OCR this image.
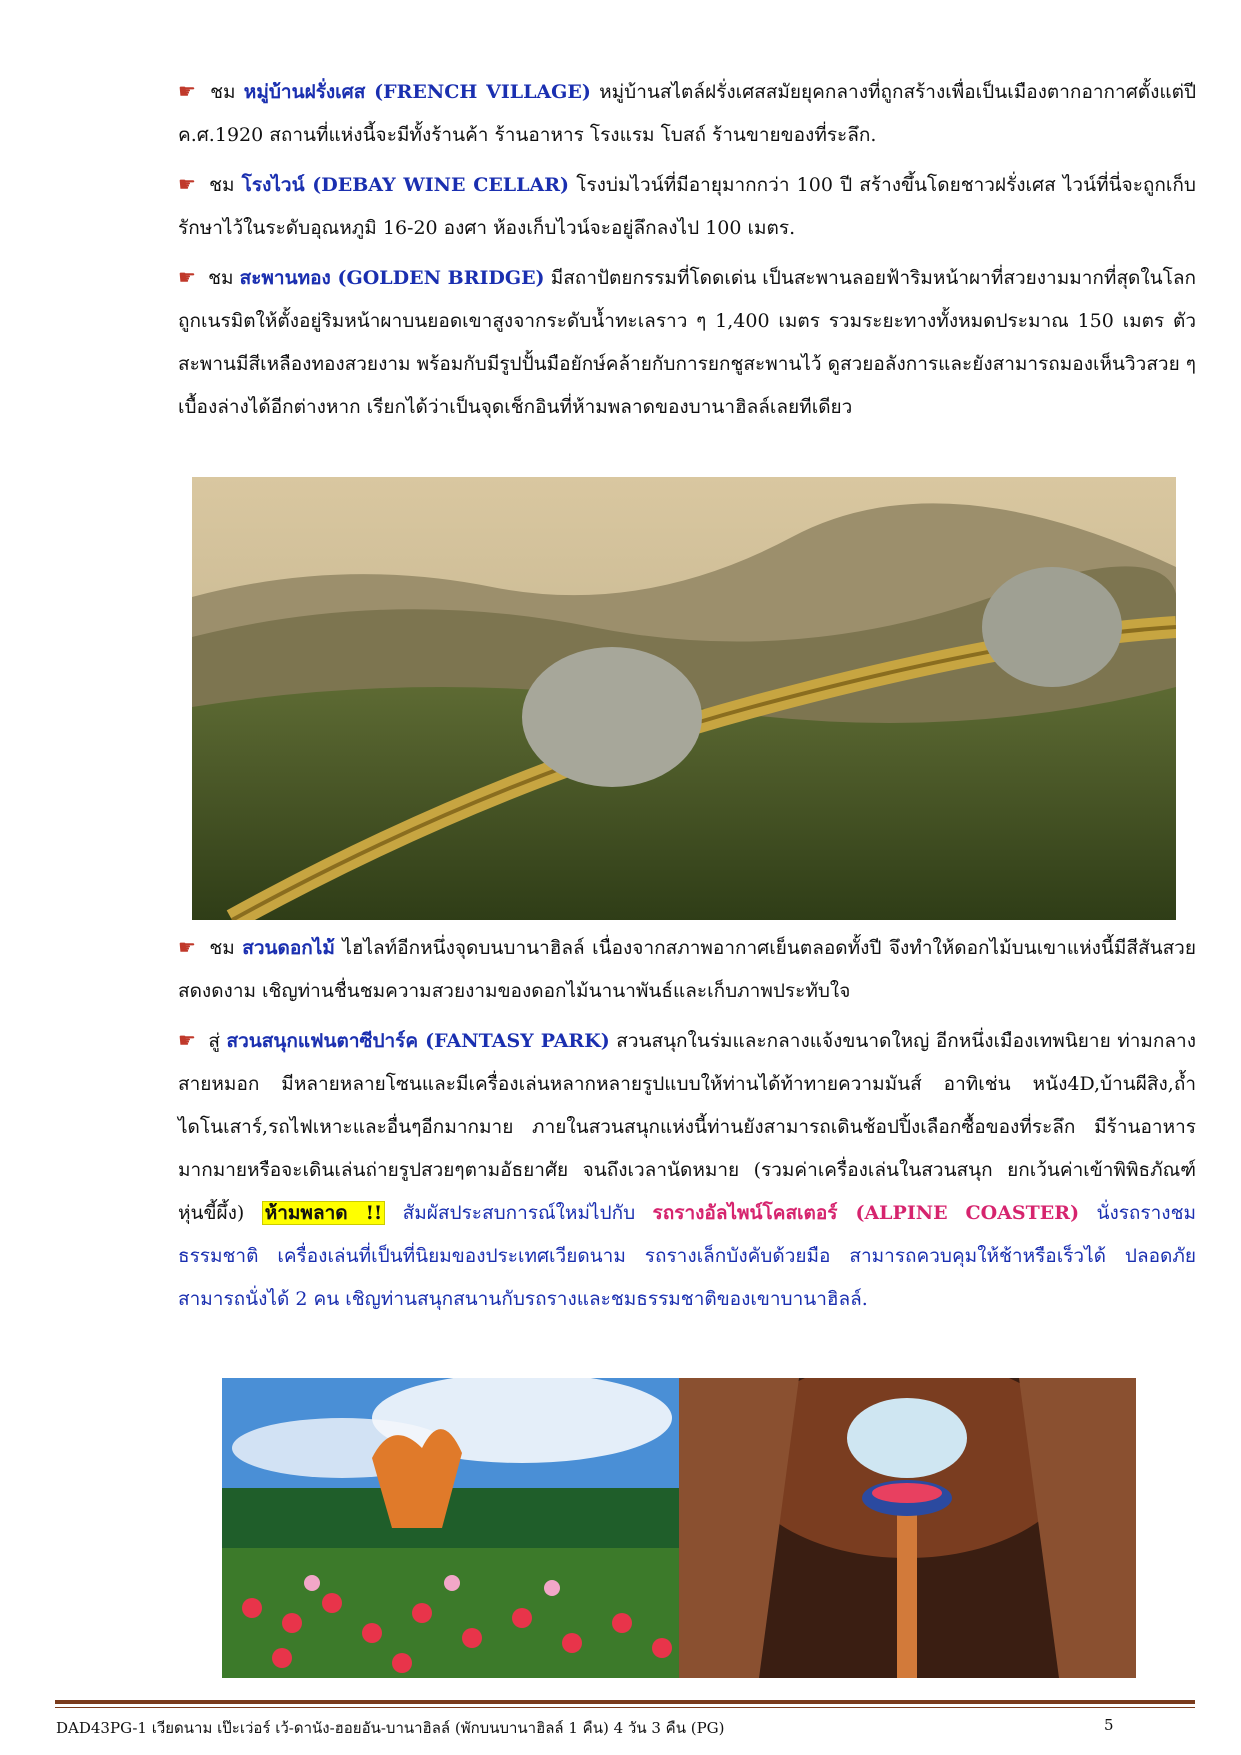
☛ ชม หมู่บ้านฝรั่งเศส (FRENCH VILLAGE) หมู่บ้านสไตล์ฝรั่งเศสสมัยยุคกลางที่ถูกสร้างเพื่อเป็นเมืองตากอากาศตั้งแต่ปี ค.ศ.1920 สถานที่แห่งนี้จะมีทั้งร้านค้า ร้านอาหาร โรงแรม โบสถ์ ร้านขายของที่ระลึก.

☛ ชม โรงไวน์ (DEBAY WINE CELLAR) โรงบ่มไวน์ที่มีอายุมากกว่า 100 ปี สร้างขึ้นโดยชาวฝรั่งเศส ไวน์ที่นี่จะถูกเก็บรักษาไว้ในระดับอุณหภูมิ 16-20 องศา ห้องเก็บไวน์จะอยู่ลึกลงไป 100 เมตร.

☛ ชม สะพานทอง (GOLDEN BRIDGE) มีสถาปัตยกรรมที่โดดเด่น เป็นสะพานลอยฟ้าริมหน้าผาที่สวยงามมากที่สุดในโลก ถูกเนรมิตให้ตั้งอยู่ริมหน้าผาบนยอดเขาสูงจากระดับน้ำทะเลราว ๆ 1,400 เมตร รวมระยะทางทั้งหมดประมาณ 150 เมตร ตัวสะพานมีสีเหลืองทองสวยงาม พร้อมกับมีรูปปั้นมือยักษ์คล้ายกับการยกชูสะพานไว้ ดูสวยอลังการและยังสามารถมองเห็นวิวสวย ๆ เบื้องล่างได้อีกต่างหาก เรียกได้ว่าเป็นจุดเช็กอินที่ห้ามพลาดของบานาฮิลล์เลยทีเดียว

☛ ชม สวนดอกไม้ ไฮไลท์อีกหนึ่งจุดบนบานาฮิลล์ เนื่องจากสภาพอากาศเย็นตลอดทั้งปี จึงทำให้ดอกไม้บนเขาแห่งนี้มีสีสันสวยสดงดงาม เชิญท่านชื่นชมความสวยงามของดอกไม้นานาพันธ์และเก็บภาพประทับใจ

☛ สู่ สวนสนุกแฟนตาซีปาร์ค (FANTASY PARK) สวนสนุกในร่มและกลางแจ้งขนาดใหญ่ อีกหนึ่งเมืองเทพนิยาย ท่ามกลางสายหมอก มีหลายหลายโซนและมีเครื่องเล่นหลากหลายรูปแบบให้ท่านได้ท้าทายความมันส์ อาทิเช่น หนัง4D,บ้านผีสิง,ถ้ำไดโนเสาร์,รถไฟเหาะและอื่นๆอีกมากมาย ภายในสวนสนุกแห่งนี้ท่านยังสามารถเดินช้อปปิ้งเลือกซื้อของที่ระลึก มีร้านอาหารมากมายหรือจะเดินเล่นถ่ายรูปสวยๆตามอัธยาศัย จนถึงเวลานัดหมาย (รวมค่าเครื่องเล่นในสวนสนุก ยกเว้นค่าเข้าพิพิธภัณฑ์หุ่นขี้ผึ้ง) ห้ามพลาด !! สัมผัสประสบการณ์ใหม่ไปกับ รถรางอัลไพน์โคสเตอร์ (ALPINE COASTER) นั่งรถรางชมธรรมชาติ เครื่องเล่นที่เป็นที่นิยมของประเทศเวียดนาม รถรางเล็กบังคับด้วยมือ สามารถควบคุมให้ช้าหรือเร็วได้ ปลอดภัย สามารถนั่งได้ 2 คน เชิญท่านสนุกสนานกับรถรางและชมธรรมชาติของเขาบานาฮิลล์.

DAD43PG-1 เวียดนาม เป๊ะเว่อร์ เว้-ดานัง-ฮอยอัน-บานาฮิลล์ (พักบนบานาฮิลล์ 1 คืน) 4 วัน 3 คืน (PG)	5
